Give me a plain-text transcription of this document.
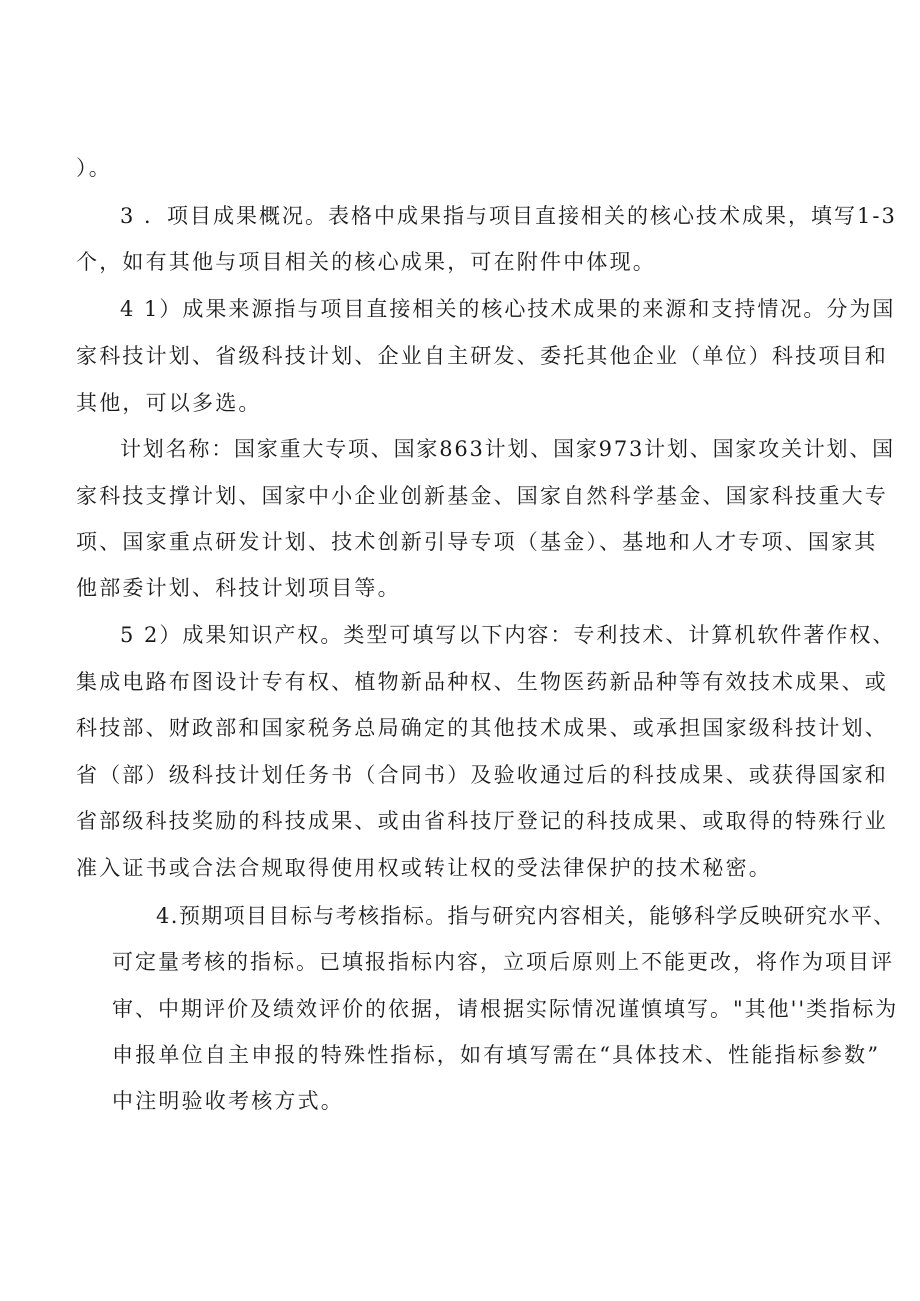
）。
3 ．项目成果概况。表格中成果指与项目直接相关的核心技术成果，填写1-3
个，如有其他与项目相关的核心成果，可在附件中体现。
4 1）成果来源指与项目直接相关的核心技术成果的来源和支持情况。分为国
家科技计划、省级科技计划、企业自主研发、委托其他企业（单位）科技项目和
其他，可以多选。
计划名称：国家重大专项、国家863计划、国家973计划、国家攻关计划、国
家科技支撑计划、国家中小企业创新基金、国家自然科学基金、国家科技重大专
项、国家重点研发计划、技术创新引导专项（基金）、基地和人才专项、国家其
他部委计划、科技计划项目等。
5 2）成果知识产权。类型可填写以下内容：专利技术、计算机软件著作权、
集成电路布图设计专有权、植物新品种权、生物医药新品种等有效技术成果、或
科技部、财政部和国家税务总局确定的其他技术成果、或承担国家级科技计划、
省（部）级科技计划任务书（合同书）及验收通过后的科技成果、或获得国家和
省部级科技奖励的科技成果、或由省科技厅登记的科技成果、或取得的特殊行业
准入证书或合法合规取得使用权或转让权的受法律保护的技术秘密。
4.预期项目目标与考核指标。指与研究内容相关，能够科学反映研究水平、
可定量考核的指标。已填报指标内容，立项后原则上不能更改，将作为项目评
审、中期评价及绩效评价的依据，请根据实际情况谨慎填写。"其他''类指标为
申报单位自主申报的特殊性指标，如有填写需在“具体技术、性能指标参数”
中注明验收考核方式。
